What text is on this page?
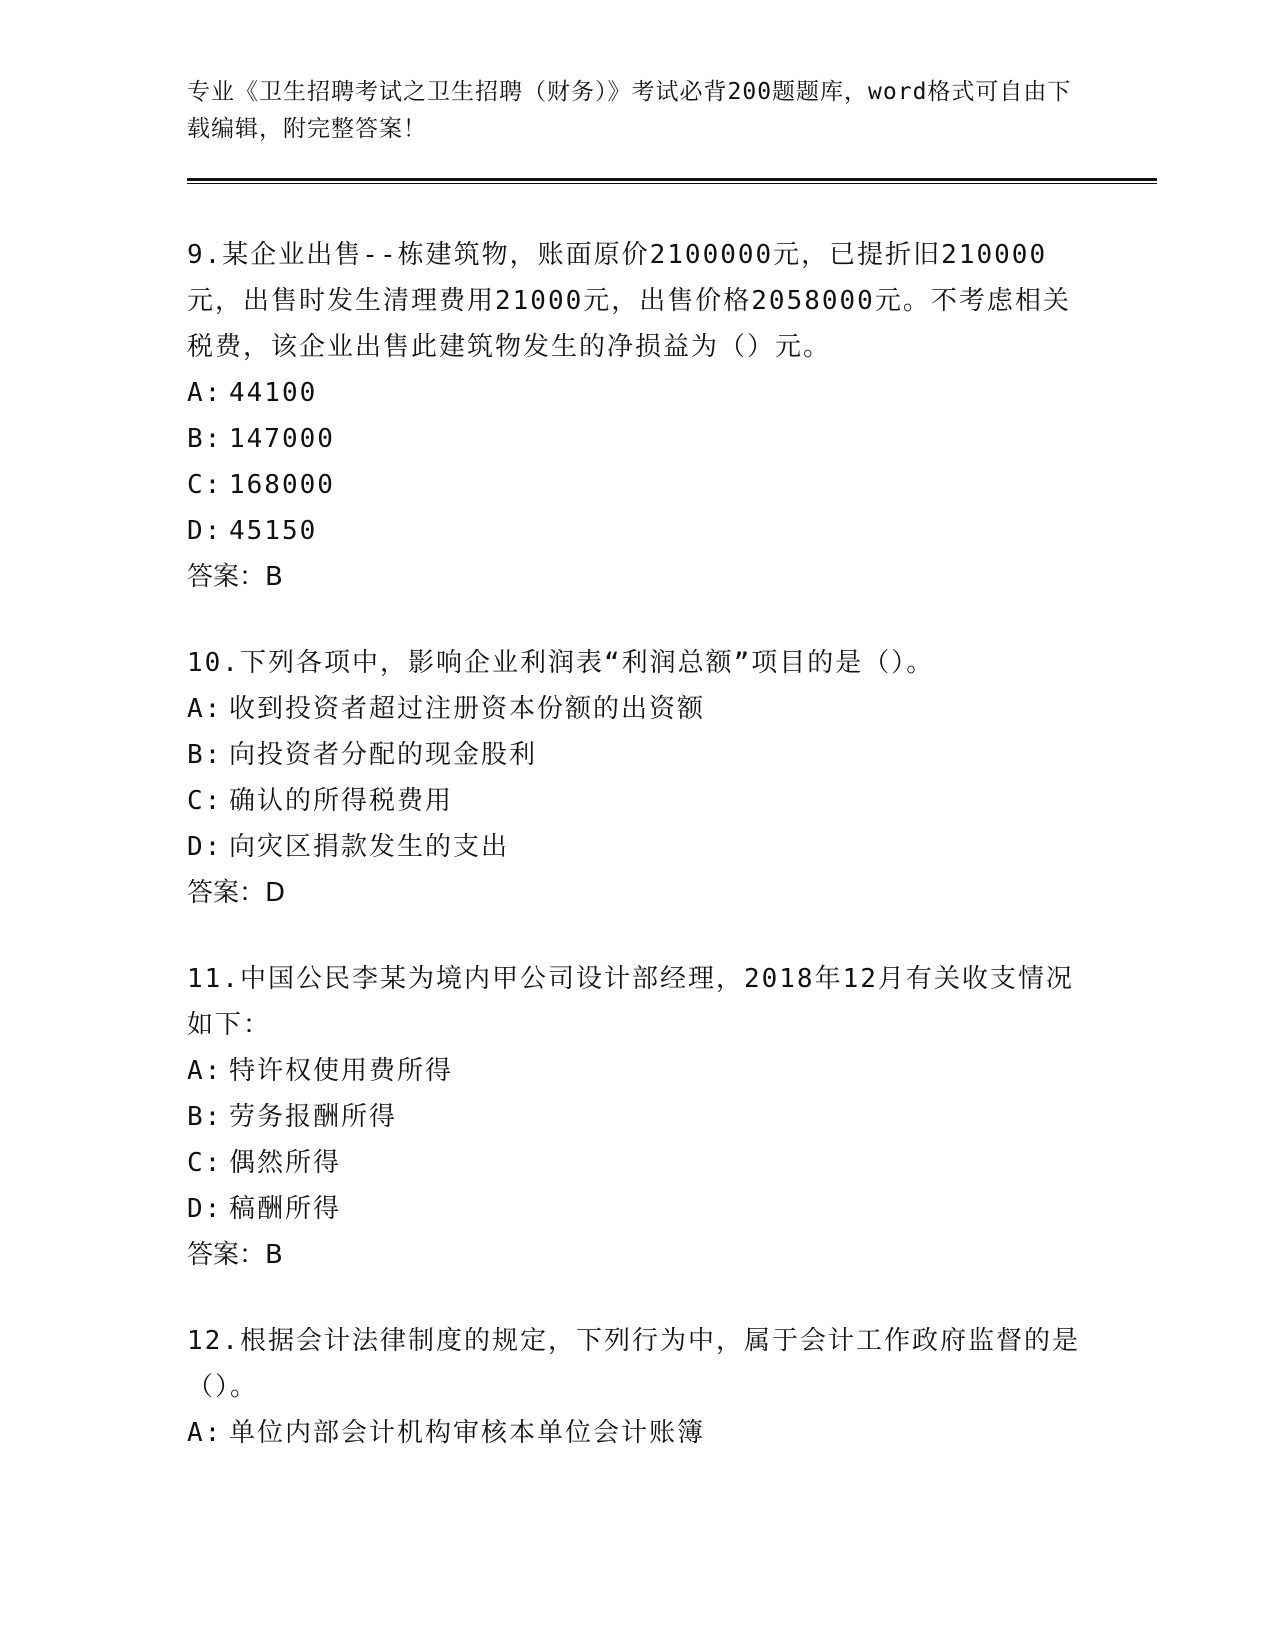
专业《卫生招聘考试之卫生招聘（财务）》考试必背200题题库，word格式可自由下载编辑，附完整答案！
9.某企业出售--栋建筑物，账面原价2100000元，已提折旧210000元，出售时发生清理费用21000元，出售价格2058000元。不考虑相关税费，该企业出售此建筑物发生的净损益为（）元。
A: 44100
B: 147000
C: 168000
D: 45150
答案：B
10.下列各项中，影响企业利润表“利润总额”项目的是（）。
A: 收到投资者超过注册资本份额的出资额
B: 向投资者分配的现金股利
C: 确认的所得税费用
D: 向灾区捐款发生的支出
答案：D
11.中国公民李某为境内甲公司设计部经理，2018年12月有关收支情况如下：
A: 特许权使用费所得
B: 劳务报酬所得
C: 偶然所得
D: 稿酬所得
答案：B
12.根据会计法律制度的规定，下列行为中，属于会计工作政府监督的是（）。
A: 单位内部会计机构审核本单位会计账簿
